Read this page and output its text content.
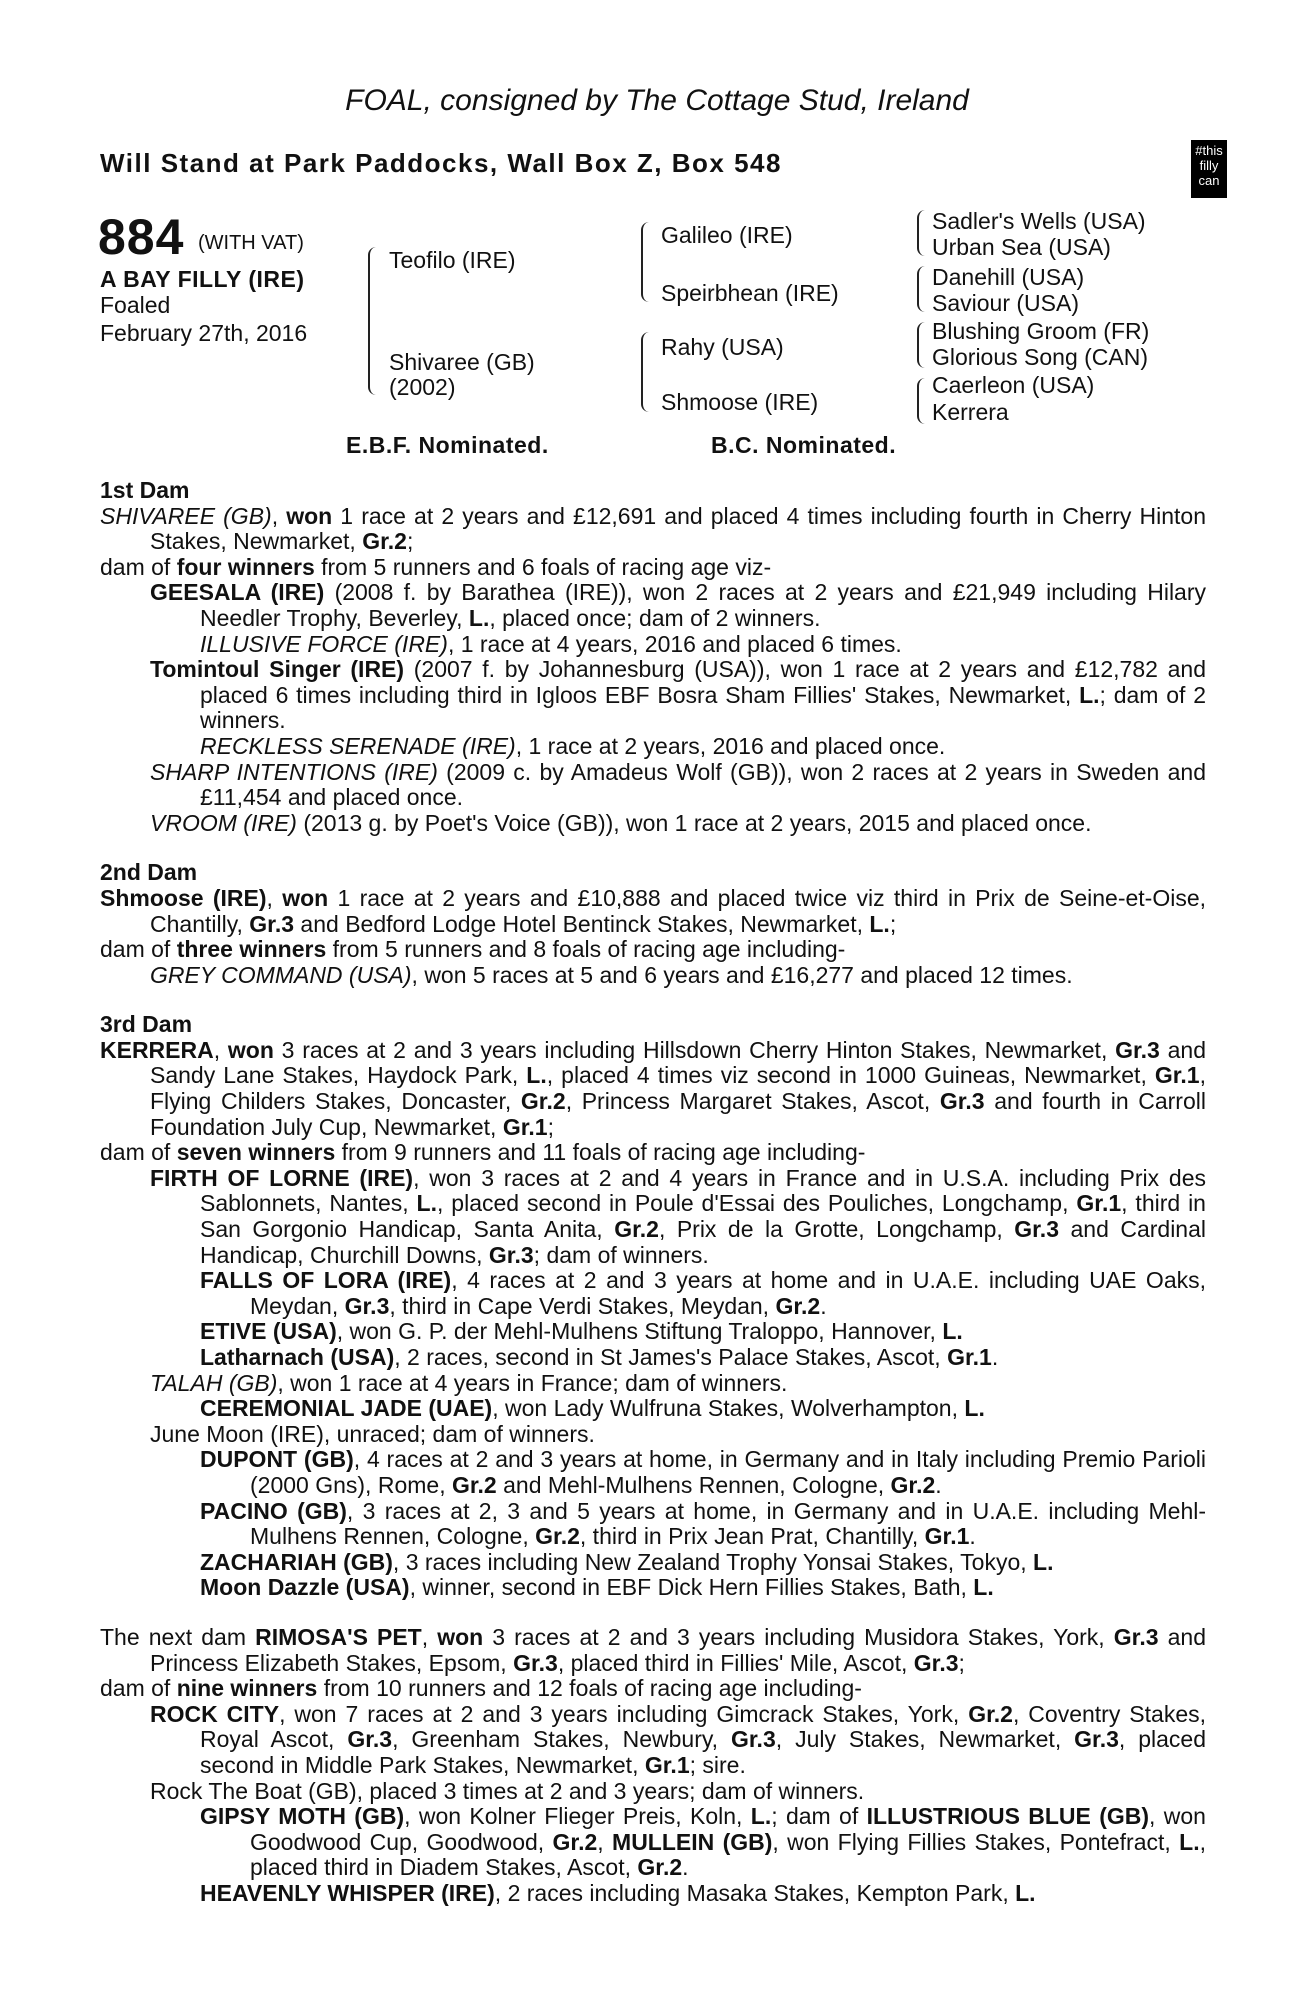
FOAL, consigned by The Cottage Stud, Ireland
Will Stand at Park Paddocks, Wall Box Z, Box 548	#this
filly
can
884 (WITH VAT)
A BAY FILLY (IRE)
Foaled
February 27th, 2016
Teofilo (IRE)
Shivaree (GB)
(2002)
Galileo (IRE)
Speirbhean (IRE)
Rahy (USA)
Shmoose (IRE)
Sadler's Wells (USA)
Urban Sea (USA)
Danehill (USA)
Saviour (USA)
Blushing Groom (FR)
Glorious Song (CAN)
Caerleon (USA)
Kerrera
E.B.F. Nominated.	B.C. Nominated.
1st Dam
SHIVAREE (GB), won 1 race at 2 years and £12,691 and placed 4 times including fourth in Cherry Hinton Stakes, Newmarket, Gr.2;
dam of four winners from 5 runners and 6 foals of racing age viz-
GEESALA (IRE) (2008 f. by Barathea (IRE)), won 2 races at 2 years and £21,949 including Hilary Needler Trophy, Beverley, L., placed once; dam of 2 winners.
ILLUSIVE FORCE (IRE), 1 race at 4 years, 2016 and placed 6 times.
Tomintoul Singer (IRE) (2007 f. by Johannesburg (USA)), won 1 race at 2 years and £12,782 and placed 6 times including third in Igloos EBF Bosra Sham Fillies' Stakes, Newmarket, L.; dam of 2 winners.
RECKLESS SERENADE (IRE), 1 race at 2 years, 2016 and placed once.
SHARP INTENTIONS (IRE) (2009 c. by Amadeus Wolf (GB)), won 2 races at 2 years in Sweden and £11,454 and placed once.
VROOM (IRE) (2013 g. by Poet's Voice (GB)), won 1 race at 2 years, 2015 and placed once.
2nd Dam
Shmoose (IRE), won 1 race at 2 years and £10,888 and placed twice viz third in Prix de Seine-et-Oise, Chantilly, Gr.3 and Bedford Lodge Hotel Bentinck Stakes, Newmarket, L.;
dam of three winners from 5 runners and 8 foals of racing age including-
GREY COMMAND (USA), won 5 races at 5 and 6 years and £16,277 and placed 12 times.
3rd Dam
KERRERA, won 3 races at 2 and 3 years including Hillsdown Cherry Hinton Stakes, Newmarket, Gr.3 and Sandy Lane Stakes, Haydock Park, L., placed 4 times viz second in 1000 Guineas, Newmarket, Gr.1, Flying Childers Stakes, Doncaster, Gr.2, Princess Margaret Stakes, Ascot, Gr.3 and fourth in Carroll Foundation July Cup, Newmarket, Gr.1;
dam of seven winners from 9 runners and 11 foals of racing age including-
FIRTH OF LORNE (IRE), won 3 races at 2 and 4 years in France and in U.S.A. including Prix des Sablonnets, Nantes, L., placed second in Poule d'Essai des Pouliches, Longchamp, Gr.1, third in San Gorgonio Handicap, Santa Anita, Gr.2, Prix de la Grotte, Longchamp, Gr.3 and Cardinal Handicap, Churchill Downs, Gr.3; dam of winners.
FALLS OF LORA (IRE), 4 races at 2 and 3 years at home and in U.A.E. including UAE Oaks, Meydan, Gr.3, third in Cape Verdi Stakes, Meydan, Gr.2.
ETIVE (USA), won G. P. der Mehl-Mulhens Stiftung Traloppo, Hannover, L.
Latharnach (USA), 2 races, second in St James's Palace Stakes, Ascot, Gr.1.
TALAH (GB), won 1 race at 4 years in France; dam of winners.
CEREMONIAL JADE (UAE), won Lady Wulfruna Stakes, Wolverhampton, L.
June Moon (IRE), unraced; dam of winners.
DUPONT (GB), 4 races at 2 and 3 years at home, in Germany and in Italy including Premio Parioli (2000 Gns), Rome, Gr.2 and Mehl-Mulhens Rennen, Cologne, Gr.2.
PACINO (GB), 3 races at 2, 3 and 5 years at home, in Germany and in U.A.E. including Mehl-Mulhens Rennen, Cologne, Gr.2, third in Prix Jean Prat, Chantilly, Gr.1.
ZACHARIAH (GB), 3 races including New Zealand Trophy Yonsai Stakes, Tokyo, L.
Moon Dazzle (USA), winner, second in EBF Dick Hern Fillies Stakes, Bath, L.
The next dam RIMOSA'S PET, won 3 races at 2 and 3 years including Musidora Stakes, York, Gr.3 and Princess Elizabeth Stakes, Epsom, Gr.3, placed third in Fillies' Mile, Ascot, Gr.3;
dam of nine winners from 10 runners and 12 foals of racing age including-
ROCK CITY, won 7 races at 2 and 3 years including Gimcrack Stakes, York, Gr.2, Coventry Stakes, Royal Ascot, Gr.3, Greenham Stakes, Newbury, Gr.3, July Stakes, Newmarket, Gr.3, placed second in Middle Park Stakes, Newmarket, Gr.1; sire.
Rock The Boat (GB), placed 3 times at 2 and 3 years; dam of winners.
GIPSY MOTH (GB), won Kolner Flieger Preis, Koln, L.; dam of ILLUSTRIOUS BLUE (GB), won Goodwood Cup, Goodwood, Gr.2, MULLEIN (GB), won Flying Fillies Stakes, Pontefract, L., placed third in Diadem Stakes, Ascot, Gr.2.
HEAVENLY WHISPER (IRE), 2 races including Masaka Stakes, Kempton Park, L.
